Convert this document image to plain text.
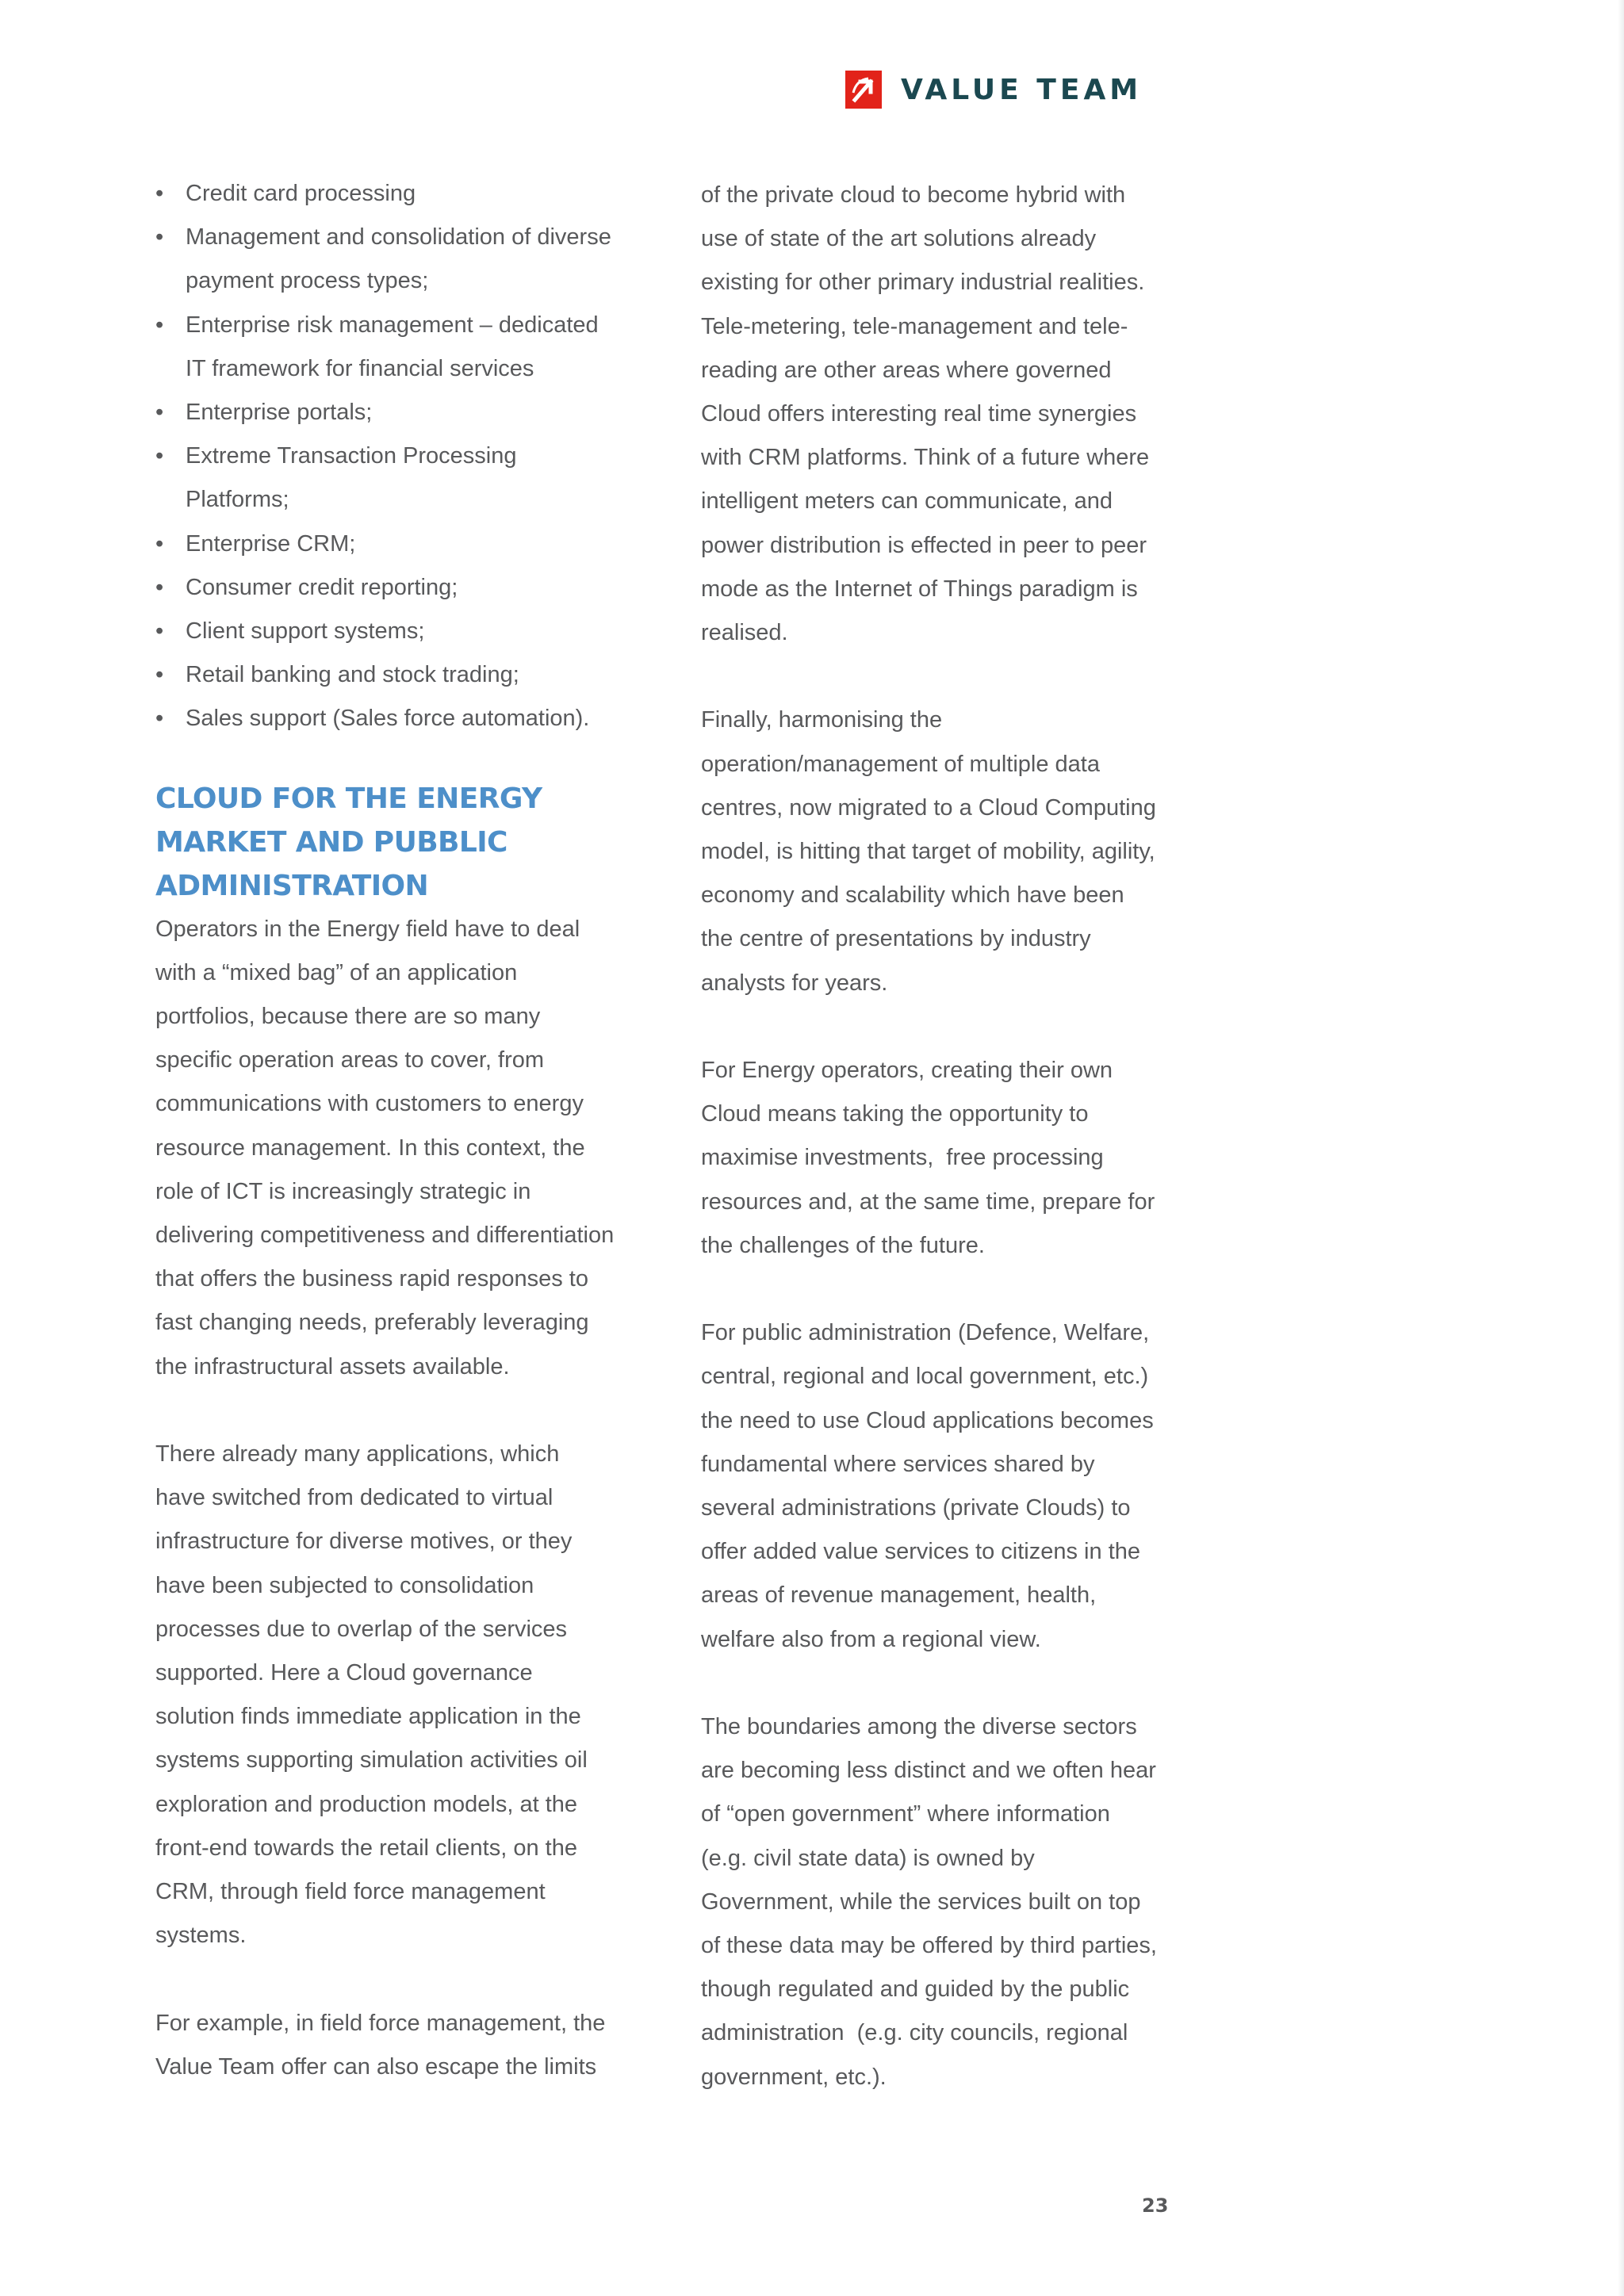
VALUE TEAM
• Credit card processing
• Management and consolidation of diverse
payment process types;
• Enterprise risk management – dedicated
IT framework for financial services
• Enterprise portals;
• Extreme Transaction Processing
Platforms;
• Enterprise CRM;
• Consumer credit reporting;
• Client support systems;
• Retail banking and stock trading;
• Sales support (Sales force automation).
CLOUD FOR THE ENERGY
MARKET AND PUBBLIC
ADMINISTRATION

Operators in the Energy field have to deal
with a “mixed bag” of an application
portfolios, because there are so many
specific operation areas to cover, from
communications with customers to energy
resource management. In this context, the
role of ICT is increasingly strategic in
delivering competitiveness and differentiation
that offers the business rapid responses to
fast changing needs, preferably leveraging
the infrastructural assets available.

There already many applications, which
have switched from dedicated to virtual
infrastructure for diverse motives, or they
have been subjected to consolidation
processes due to overlap of the services
supported. Here a Cloud governance
solution finds immediate application in the
systems supporting simulation activities oil
exploration and production models, at the
front-end towards the retail clients, on the
CRM, through field force management
systems.

For example, in field force management, the
Value Team offer can also escape the limits

of the private cloud to become hybrid with
use of state of the art solutions already
existing for other primary industrial realities.
Tele-metering, tele-management and tele-
reading are other areas where governed
Cloud offers interesting real time synergies
with CRM platforms. Think of a future where
intelligent meters can communicate, and
power distribution is effected in peer to peer
mode as the Internet of Things paradigm is
realised.

Finally, harmonising the
operation/management of multiple data
centres, now migrated to a Cloud Computing
model, is hitting that target of mobility, agility,
economy and scalability which have been
the centre of presentations by industry
analysts for years.

For Energy operators, creating their own
Cloud means taking the opportunity to
maximise investments,  free processing
resources and, at the same time, prepare for
the challenges of the future.

For public administration (Defence, Welfare,
central, regional and local government, etc.)
the need to use Cloud applications becomes
fundamental where services shared by
several administrations (private Clouds) to
offer added value services to citizens in the
areas of revenue management, health,
welfare also from a regional view.

The boundaries among the diverse sectors
are becoming less distinct and we often hear
of “open government” where information
(e.g. civil state data) is owned by
Government, while the services built on top
of these data may be offered by third parties,
though regulated and guided by the public
administration  (e.g. city councils, regional
government, etc.).

23
